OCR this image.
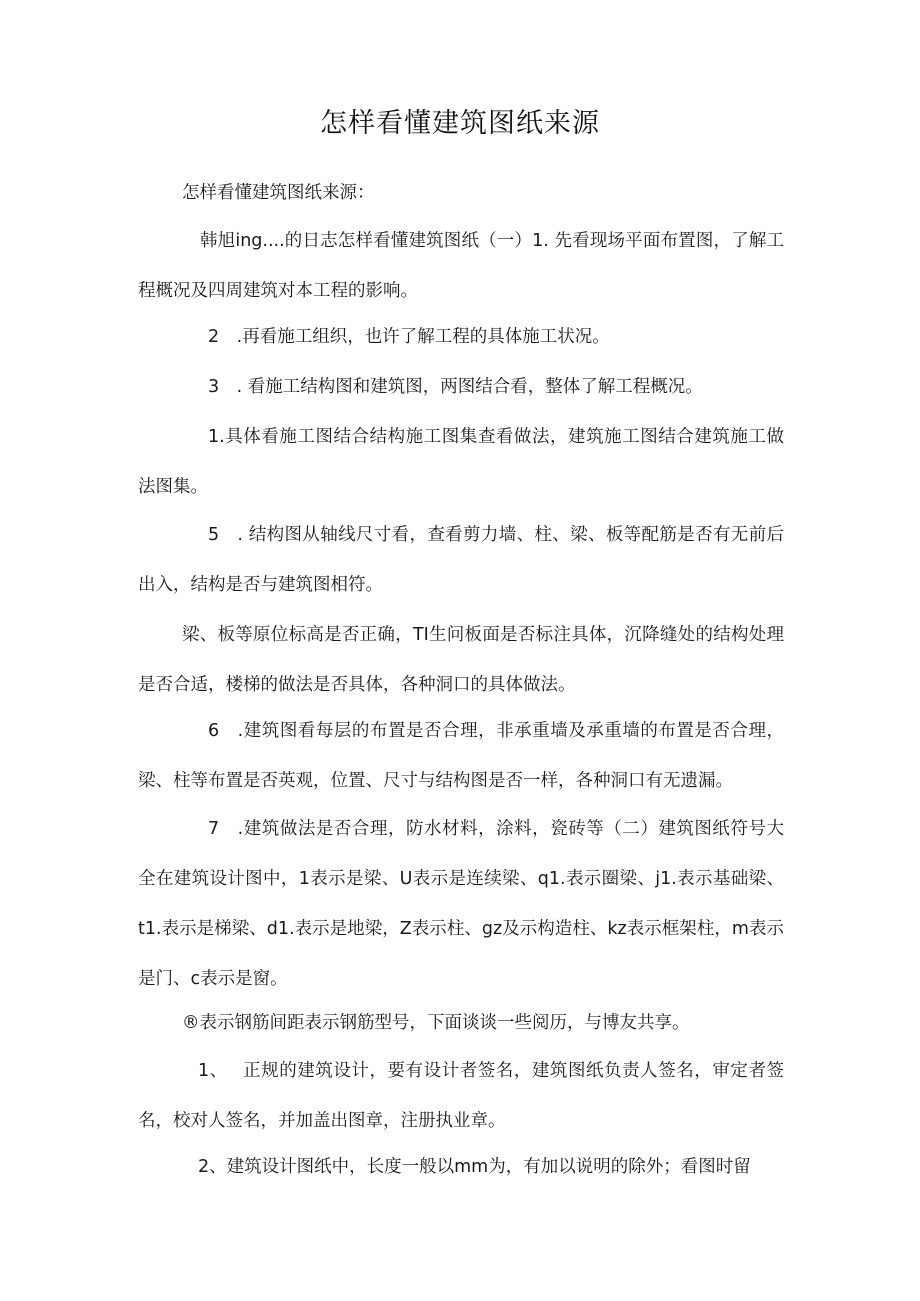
怎样看懂建筑图纸来源

怎样看懂建筑图纸来源：

韩旭ing....的日志怎样看懂建筑图纸（一）1. 先看现场平面布置图，了解工程概况及四周建筑对本工程的影响。

2　.再看施工组织，也许了解工程的具体施工状况。

3　. 看施工结构图和建筑图，两图结合看，整体了解工程概况。

1.具体看施工图结合结构施工图集查看做法，建筑施工图结合建筑施工做法图集。

5　. 结构图从轴线尺寸看，查看剪力墙、柱、梁、板等配筋是否有无前后出入，结构是否与建筑图相符。

梁、板等原位标高是否正确，TI生问板面是否标注具体，沉降缝处的结构处理是否合适，楼梯的做法是否具体，各种洞口的具体做法。

6　.建筑图看每层的布置是否合理，非承重墙及承重墙的布置是否合理，梁、柱等布置是否英观，位置、尺寸与结构图是否一样，各种洞口有无遗漏。

7　.建筑做法是否合理，防水材料，涂料，瓷砖等（二）建筑图纸符号大全在建筑设计图中，1表示是梁、U表示是连续梁、q1.表示圈梁、j1.表示基础梁、t1.表示是梯梁、d1.表示是地梁，Z表示柱、gz及示构造柱、kz表示框架柱，m表示是门、c表示是窗。

®表示钢筋间距表示钢筋型号，下面谈谈一些阅历，与博友共享。

1、　 正规的建筑设计，要有设计者签名，建筑图纸负责人签名，审定者签名，校对人签名，并加盖出图章，注册执业章。

2、建筑设计图纸中，长度一般以mm为，有加以说明的除外；看图时留
